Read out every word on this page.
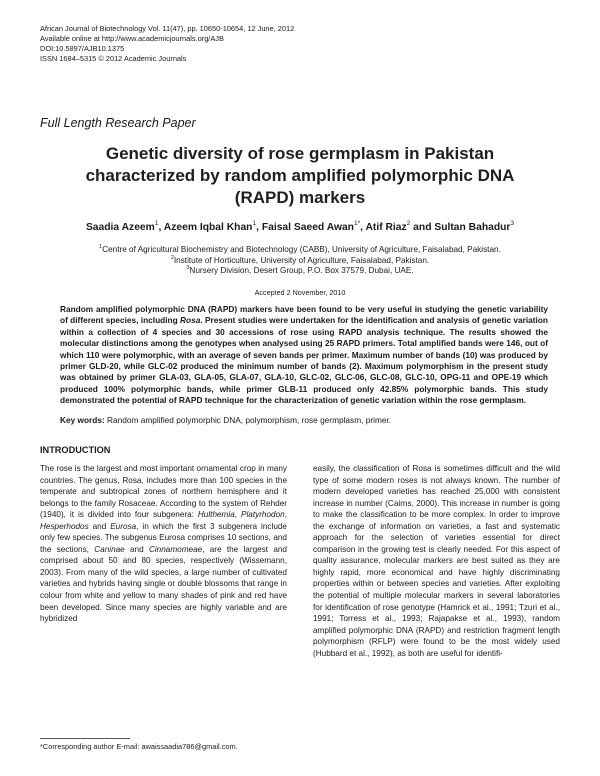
African Journal of Biotechnology Vol. 11(47), pp. 10650-10654, 12 June, 2012
Available online at http://www.academicjournals.org/AJB
DOI:10.5897/AJB10.1375
ISSN 1684–5315 © 2012 Academic Journals
Full Length Research Paper
Genetic diversity of rose germplasm in Pakistan characterized by random amplified polymorphic DNA (RAPD) markers
Saadia Azeem$^1$, Azeem Iqbal Khan$^1$, Faisal Saeed Awan$^{1*}$, Atif Riaz$^2$ and Sultan Bahadur$^3$
$^1$Centre of Agricultural Biochemistry and Biotechnology (CABB), University of Agriculture, Faisalabad, Pakistan.
$^2$Institute of Horticulture, University of Agriculture, Faisalabad, Pakistan.
$^3$Nursery Division, Desert Group, P.O. Box 37579, Dubai, UAE.
Accepted 2 November, 2010
Random amplified polymorphic DNA (RAPD) markers have been found to be very useful in studying the genetic variability of different species, including Rosa. Present studies were undertaken for the identification and analysis of genetic variation within a collection of 4 species and 30 accessions of rose using RAPD analysis technique. The results showed the molecular distinctions among the genotypes when analysed using 25 RAPD primers. Total amplified bands were 146, out of which 110 were polymorphic, with an average of seven bands per primer. Maximum number of bands (10) was produced by primer GLD-20, while GLC-02 produced the minimum number of bands (2). Maximum polymorphism in the present study was obtained by primer GLA-03, GLA-05, GLA-07, GLA-10, GLC-02, GLC-06, GLC-08, GLC-10, OPG-11 and OPE-19 which produced 100% polymorphic bands, while primer GLB-11 produced only 42.85% polymorphic bands. This study demonstrated the potential of RAPD technique for the characterization of genetic variation within the rose germplasm.
Key words: Random amplified polymorphic DNA, polymorphism, rose germplasm, primer.
INTRODUCTION
The rose is the largest and most important ornamental crop in many countries. The genus, Rosa, includes more than 100 species in the temperate and subtropical zones of northern hemisphere and it belongs to the family Rosaceae. According to the system of Rehder (1940), it is divided into four subgenera: Hulthemia, Platyrhodon, Hesperhodos and Eurosa, in which the first 3 subgenera include only few species. The subgenus Eurosa comprises 10 sections, and the sections, Caninae and Cinnamomeae, are the largest and comprised about 50 and 80 species, respectively (Wissemann, 2003). From many of the wild species, a large number of cultivated varieties and hybrids having single or double blossoms that range in colour from white and yellow to many shades of pink and red have been developed. Since many species are highly variable and are hybridized
easily, the classification of Rosa is sometimes difficult and the wild type of some modern roses is not always known. The number of modern developed varieties has reached 25,000 with consistent increase in number (Cairns, 2000). This increase in number is going to make the classification to be more complex. In order to improve the exchange of information on varieties, a fast and systematic approach for the selection of varieties essential for direct comparison in the growing test is clearly needed. For this aspect of quality assurance, molecular markers are best suited as they are highly rapid, more economical and have highly discriminating properties within or between species and varieties. After exploiting the potential of multiple molecular markers in several laboratories for identification of rose genotype (Hamrick et al., 1991; Tzuri et al., 1991; Torress et al., 1993; Rajapakse et al., 1993), random amplified polymorphic DNA (RAPD) and restriction fragment length polymorphism (RFLP) were found to be the most widely used (Hubbard et al., 1992), as both are useful for identifi-
*Corresponding author E-mail: awaissaadia786@gmail.com.
